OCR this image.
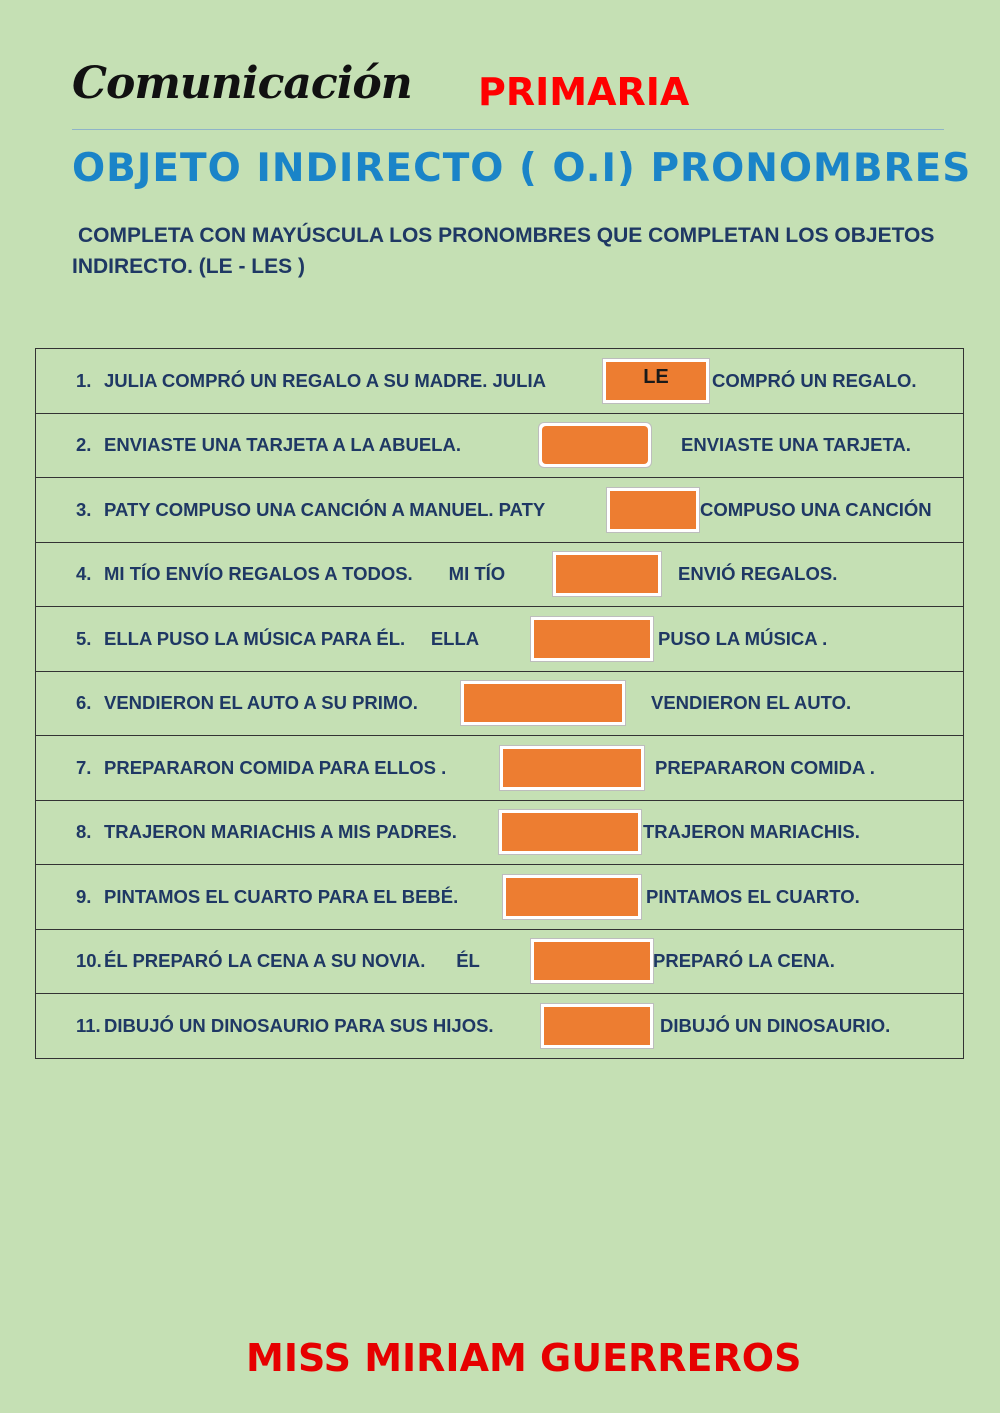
Comunicación PRIMARIA
OBJETO INDIRECTO ( O.I) PRONOMBRES
COMPLETA CON MAYÚSCULA LOS PRONOMBRES QUE COMPLETAN LOS OBJETOS INDIRECTO. (LE - LES )
1. JULIA COMPRÓ UN REGALO A SU MADRE. JULIA	LE	COMPRÓ UN REGALO.
2. ENVIASTE UNA TARJETA A LA ABUELA.	ENVIASTE UNA TARJETA.
3. PATY COMPUSO UNA CANCIÓN A MANUEL. PATY	COMPUSO UNA CANCIÓN
4. MI TÍO ENVÍO REGALOS A TODOS.       MI TÍO	ENVIÓ REGALOS.
5. ELLA PUSO LA MÚSICA PARA ÉL.     ELLA	PUSO LA MÚSICA .
6. VENDIERON EL AUTO A SU PRIMO.	VENDIERON EL AUTO.
7. PREPARARON COMIDA PARA ELLOS .	PREPARARON COMIDA .
8. TRAJERON MARIACHIS A MIS PADRES.	TRAJERON MARIACHIS.
9. PINTAMOS EL CUARTO PARA EL BEBÉ.	PINTAMOS EL CUARTO.
10. ÉL PREPARÓ LA CENA A SU NOVIA.      ÉL	PREPARÓ LA CENA.
11. DIBUJÓ UN DINOSAURIO PARA SUS HIJOS.	DIBUJÓ UN DINOSAURIO.
MISS MIRIAM GUERREROS
